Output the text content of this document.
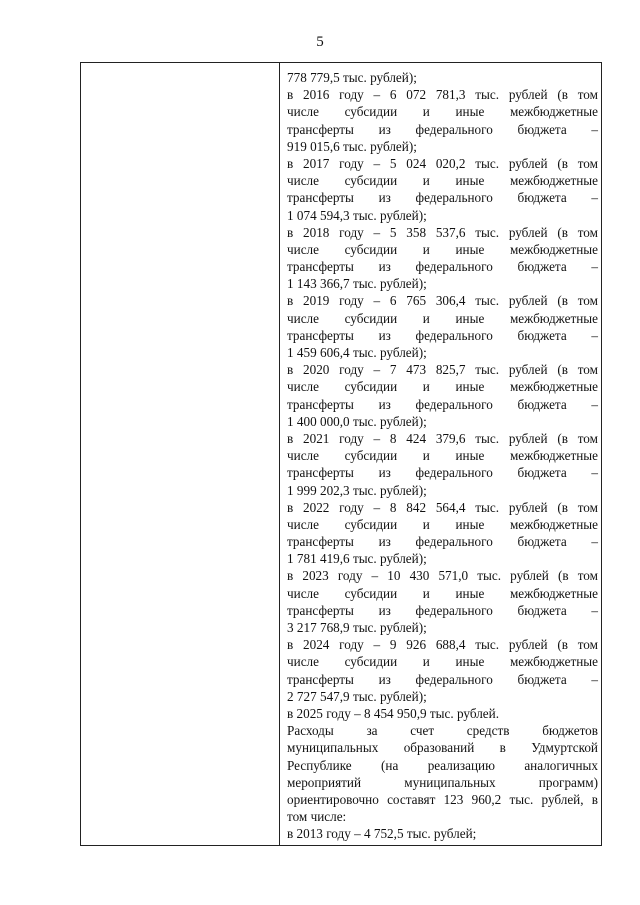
5
778 779,5 тыс. рублей);
в 2016 году – 6 072 781,3 тыс. рублей (в том
числе субсидии и иные межбюджетные
трансферты из федерального бюджета –
919 015,6 тыс. рублей);
в 2017 году – 5 024 020,2 тыс. рублей (в том
числе субсидии и иные межбюджетные
трансферты из федерального бюджета –
1 074 594,3 тыс. рублей);
в 2018 году – 5 358 537,6 тыс. рублей (в том
числе субсидии и иные межбюджетные
трансферты из федерального бюджета –
1 143 366,7 тыс. рублей);
в 2019 году – 6 765 306,4 тыс. рублей (в том
числе субсидии и иные межбюджетные
трансферты из федерального бюджета –
1 459 606,4 тыс. рублей);
в 2020 году – 7 473 825,7 тыс. рублей (в том
числе субсидии и иные межбюджетные
трансферты из федерального бюджета –
1 400 000,0 тыс. рублей);
в 2021 году – 8 424 379,6 тыс. рублей (в том
числе субсидии и иные межбюджетные
трансферты из федерального бюджета –
1 999 202,3 тыс. рублей);
в 2022 году – 8 842 564,4 тыс. рублей (в том
числе субсидии и иные межбюджетные
трансферты из федерального бюджета –
1 781 419,6 тыс. рублей);
в 2023 году – 10 430 571,0 тыс. рублей (в том
числе субсидии и иные межбюджетные
трансферты из федерального бюджета –
3 217 768,9 тыс. рублей);
в 2024 году – 9 926 688,4 тыс. рублей (в том
числе субсидии и иные межбюджетные
трансферты из федерального бюджета –
2 727 547,9 тыс. рублей);
в 2025 году – 8 454 950,9 тыс. рублей.
Расходы за счет средств бюджетов
муниципальных образований в Удмуртской
Республике (на реализацию аналогичных
мероприятий муниципальных программ)
ориентировочно составят 123 960,2 тыс. рублей, в
том числе:
в 2013 году – 4 752,5 тыс. рублей;
